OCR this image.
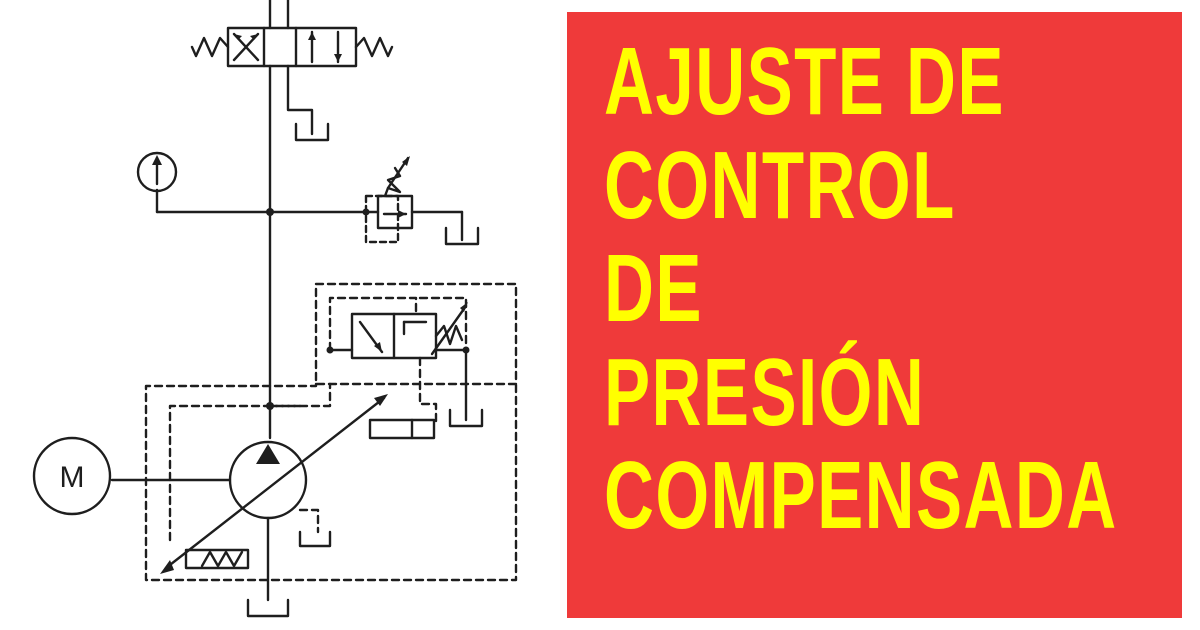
M
AJUSTE DE
CONTROL
DE
PRESIÓN
COMPENSADA
